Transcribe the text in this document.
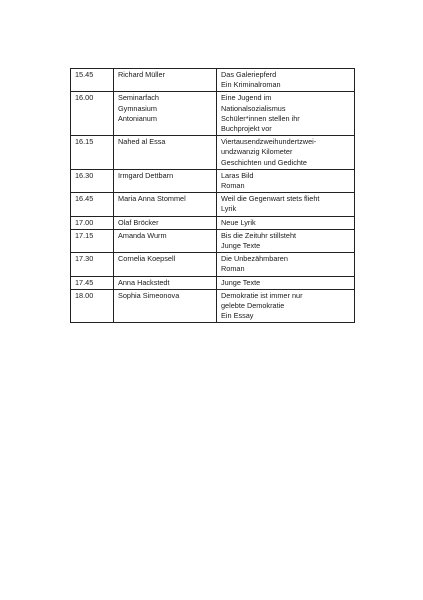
15.45	Richard Müller	Das Galeriepferd
Ein Kriminalroman

16.00	Seminarfach
Gymnasium
Antonianum	Eine Jugend im
Nationalsozialismus
Schüler*innen stellen ihr
Buchprojekt vor

16.15	Nahed al Essa	Viertausendzweihundertzwei-
undzwanzig Kilometer
Geschichten und Gedichte

16.30	Irmgard Dettbarn	Laras Bild
Roman

16.45	Maria Anna Stommel	Weil die Gegenwart stets flieht
Lyrik

17.00	Olaf Bröcker	Neue Lyrik

17.15	Amanda Wurm	Bis die Zeituhr stillsteht
Junge Texte

17.30	Cornelia Koepsell	Die Unbezähmbaren
Roman

17.45	Anna Hackstedt	Junge Texte

18.00	Sophia Simeonova	Demokratie ist immer nur
gelebte Demokratie
Ein Essay
